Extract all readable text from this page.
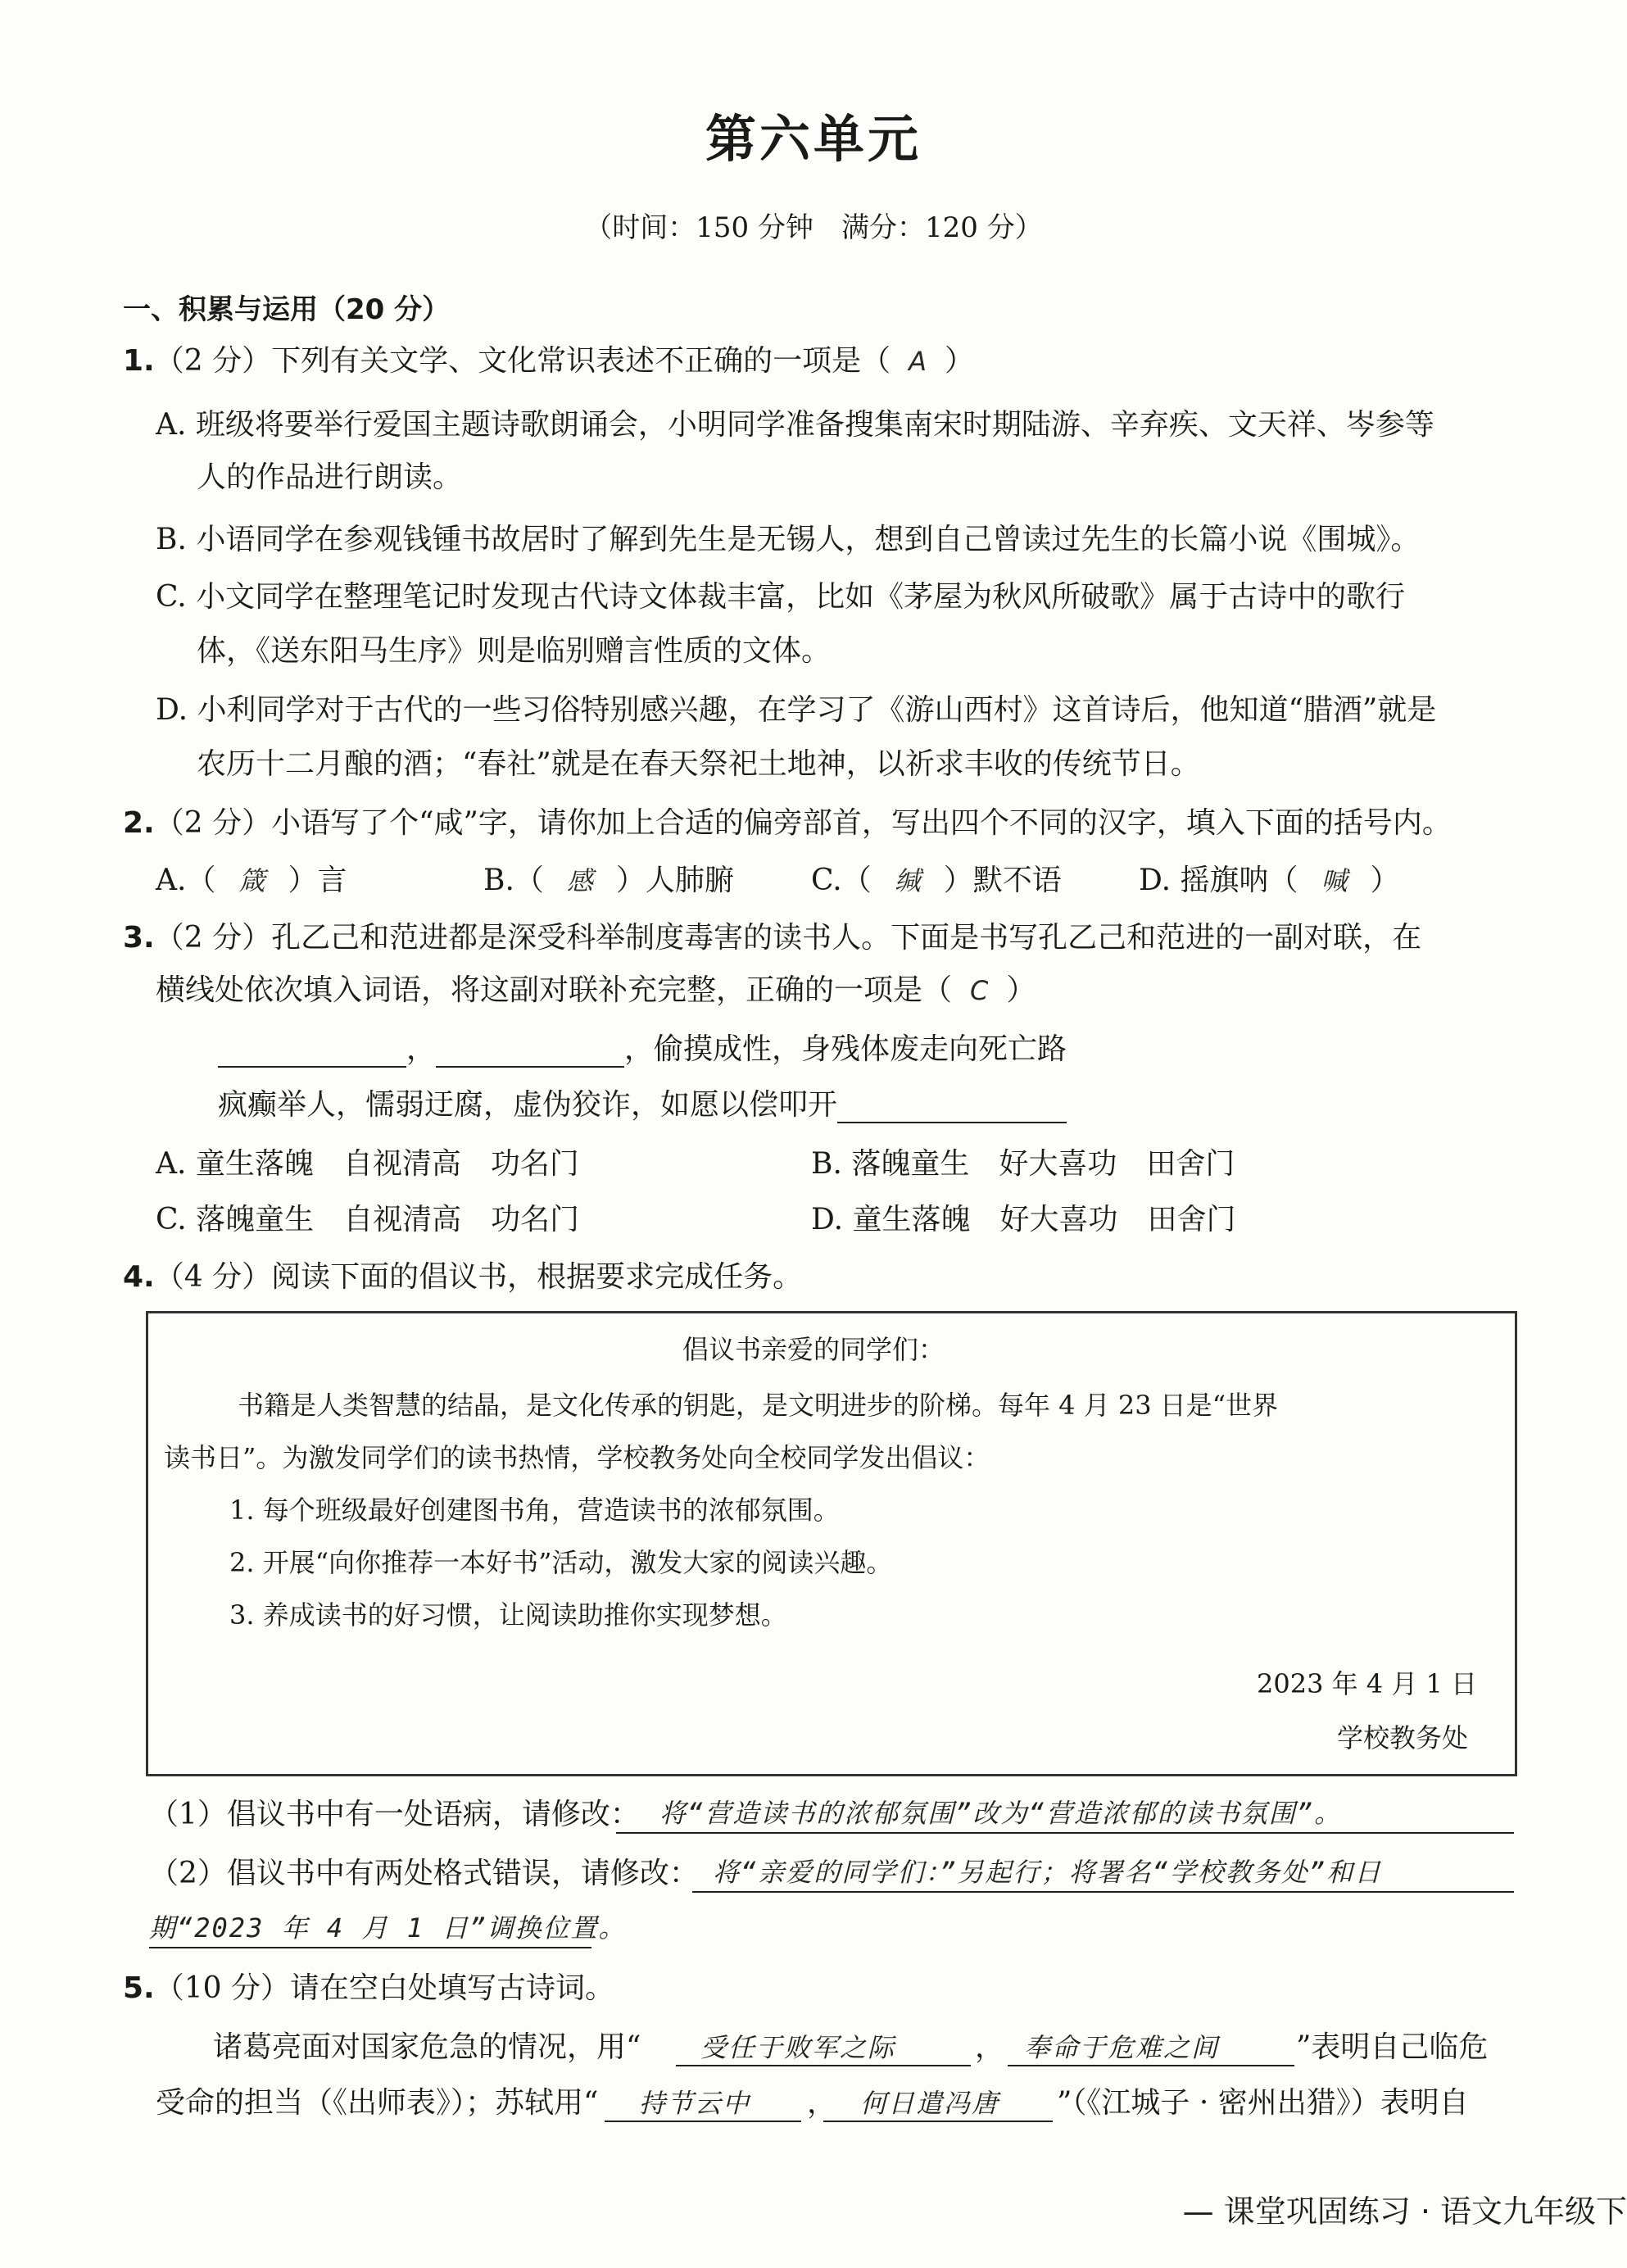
第六单元
（时间：150 分钟　满分：120 分）
一、积累与运用（20 分）
1.（2 分）下列有关文学、文化常识表述不正确的一项是（ A ）
A. 班级将要举行爱国主题诗歌朗诵会，小明同学准备搜集南宋时期陆游、辛弃疾、文天祥、岑参等
人的作品进行朗读。
B. 小语同学在参观钱锺书故居时了解到先生是无锡人，想到自己曾读过先生的长篇小说《围城》。
C. 小文同学在整理笔记时发现古代诗文体裁丰富，比如《茅屋为秋风所破歌》属于古诗中的歌行
体，《送东阳马生序》则是临别赠言性质的文体。
D. 小利同学对于古代的一些习俗特别感兴趣，在学习了《游山西村》这首诗后，他知道“腊酒”就是
农历十二月酿的酒；“春社”就是在春天祭祀土地神，以祈求丰收的传统节日。
2.（2 分）小语写了个“咸”字，请你加上合适的偏旁部首，写出四个不同的汉字，填入下面的括号内。
A.（ 箴 ）言	B.（ 感 ）人肺腑	C.（ 缄 ）默不语	D. 摇旗呐（ 喊 ）
3.（2 分）孔乙己和范进都是深受科举制度毒害的读书人。下面是书写孔乙己和范进的一副对联，在
横线处依次填入词语，将这副对联补充完整，正确的一项是（ C ）
，	，偷摸成性，身残体废走向死亡路
疯癫举人，懦弱迂腐，虚伪狡诈，如愿以偿叩开
A. 童生落魄　自视清高　功名门	B. 落魄童生　好大喜功　田舍门
C. 落魄童生　自视清高　功名门	D. 童生落魄　好大喜功　田舍门
4.（4 分）阅读下面的倡议书，根据要求完成任务。
倡议书亲爱的同学们：
书籍是人类智慧的结晶，是文化传承的钥匙，是文明进步的阶梯。每年 4 月 23 日是“世界
读书日”。为激发同学们的读书热情，学校教务处向全校同学发出倡议：
1. 每个班级最好创建图书角，营造读书的浓郁氛围。
2. 开展“向你推荐一本好书”活动，激发大家的阅读兴趣。
3. 养成读书的好习惯，让阅读助推你实现梦想。
2023 年 4 月 1 日
学校教务处
（1）倡议书中有一处语病，请修改： 将“营造读书的浓郁氛围”改为“营造浓郁的读书氛围”。
（2）倡议书中有两处格式错误，请修改： 将“亲爱的同学们：”另起行；将署名“学校教务处”和日
期“2023 年 4 月 1 日”调换位置。
5.（10 分）请在空白处填写古诗词。
诸葛亮面对国家危急的情况，用“ 受任于败军之际	， 奉命于危难之间	”表明自己临危
受命的担当（《出师表》）；苏轼用“ 持节云中 ， 何日遣冯唐 ”（《江城子 · 密州出猎》）表明自
— 课堂巩固练习 · 语文九年级下
